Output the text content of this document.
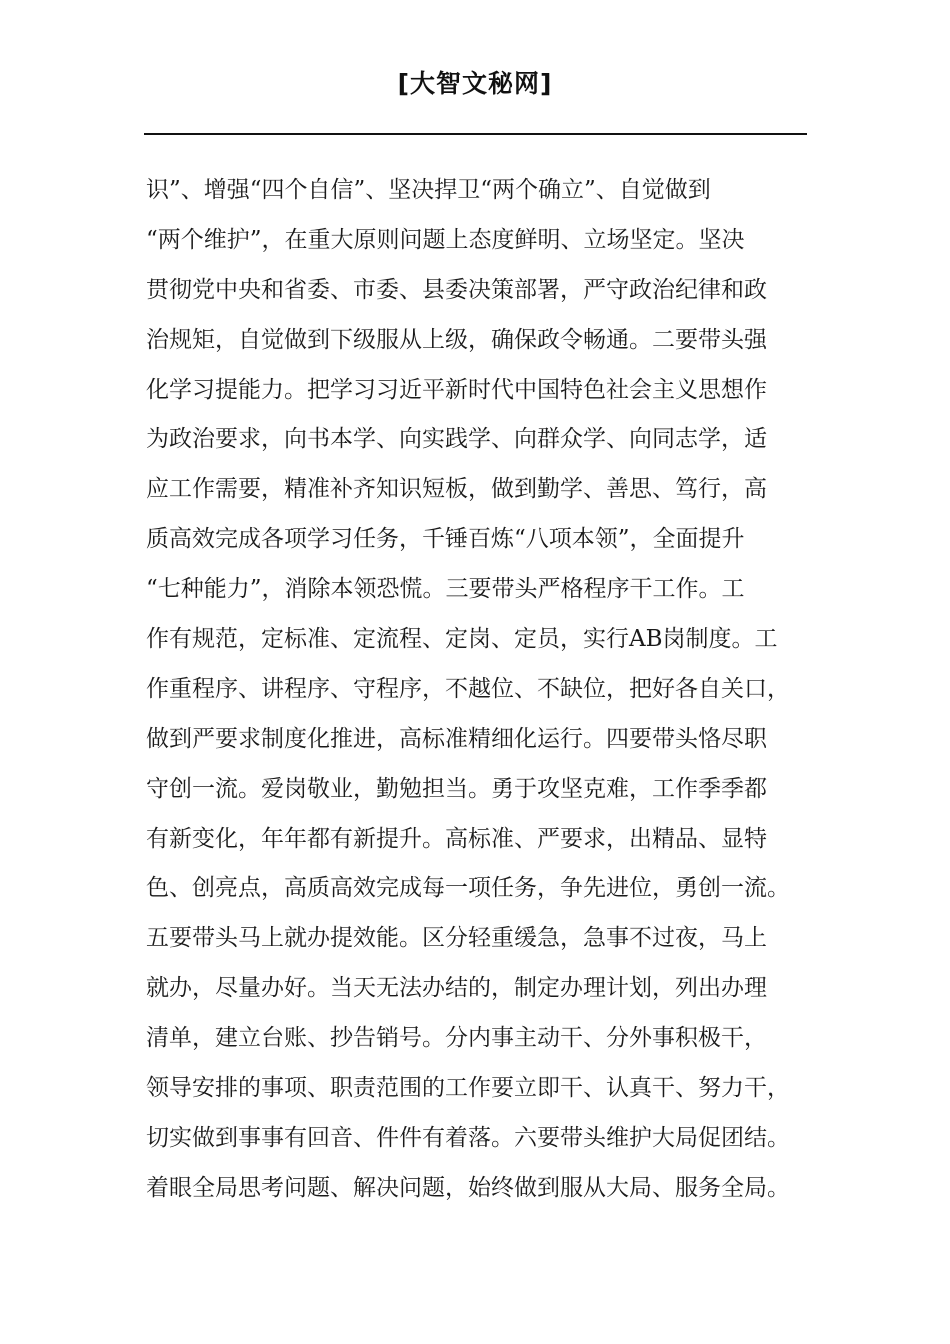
[大智文秘网]
识”、增强“四个自信”、坚决捍卫“两个确立”、自觉做到
“两个维护”，在重大原则问题上态度鲜明、立场坚定。坚决
贯彻党中央和省委、市委、县委决策部署，严守政治纪律和政
治规矩，自觉做到下级服从上级，确保政令畅通。二要带头强
化学习提能力。把学习习近平新时代中国特色社会主义思想作
为政治要求，向书本学、向实践学、向群众学、向同志学，适
应工作需要，精准补齐知识短板，做到勤学、善思、笃行，高
质高效完成各项学习任务，千锤百炼“八项本领”，全面提升
“七种能力”，消除本领恐慌。三要带头严格程序干工作。工
作有规范，定标准、定流程、定岗、定员，实行AB岗制度。工
作重程序、讲程序、守程序，不越位、不缺位，把好各自关口，
做到严要求制度化推进，高标准精细化运行。四要带头恪尽职
守创一流。爱岗敬业，勤勉担当。勇于攻坚克难，工作季季都
有新变化，年年都有新提升。高标准、严要求，出精品、显特
色、创亮点，高质高效完成每一项任务，争先进位，勇创一流。
五要带头马上就办提效能。区分轻重缓急，急事不过夜，马上
就办，尽量办好。当天无法办结的，制定办理计划，列出办理
清单，建立台账、抄告销号。分内事主动干、分外事积极干，
领导安排的事项、职责范围的工作要立即干、认真干、努力干，
切实做到事事有回音、件件有着落。六要带头维护大局促团结。
着眼全局思考问题、解决问题，始终做到服从大局、服务全局。
